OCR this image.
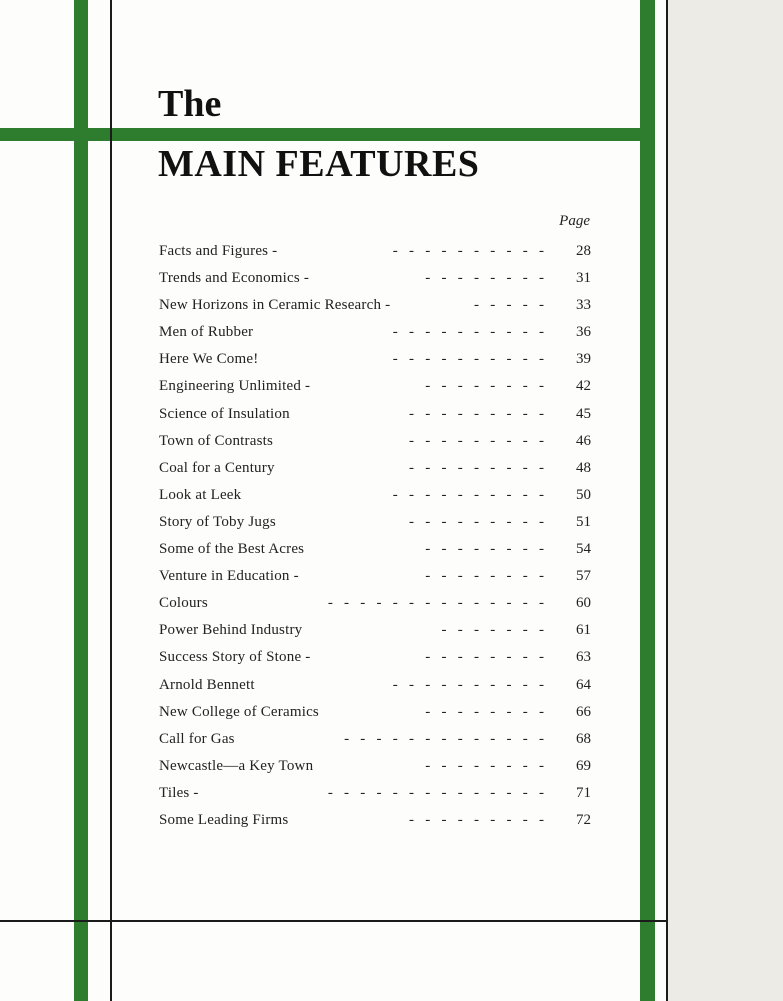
The
MAIN FEATURES
Page
Facts and Figures -	-   -   -   -   -   -   -   -   -   - 28
Trends and Economics -	-   -   -   -   -   -   -   - 31
New Horizons in Ceramic Research -	-   -   -   -   - 33
Men of Rubber	-   -   -   -   -   -   -   -   -   - 36
Here We Come!	-   -   -   -   -   -   -   -   -   - 39
Engineering Unlimited -	-   -   -   -   -   -   -   - 42
Science of Insulation	-   -   -   -   -   -   -   -   - 45
Town of Contrasts	-   -   -   -   -   -   -   -   - 46
Coal for a Century	-   -   -   -   -   -   -   -   - 48
Look at Leek	-   -   -   -   -   -   -   -   -   - 50
Story of Toby Jugs	-   -   -   -   -   -   -   -   - 51
Some of the Best Acres	-   -   -   -   -   -   -   - 54
Venture in Education -	-   -   -   -   -   -   -   - 57
Colours	-   -   -   -   -   -   -   -   -   -   -   -   -   - 60
Power Behind Industry	-   -   -   -   -   -   - 61
Success Story of Stone -	-   -   -   -   -   -   -   - 63
Arnold Bennett	-   -   -   -   -   -   -   -   -   - 64
New College of Ceramics	-   -   -   -   -   -   -   - 66
Call for Gas	-   -   -   -   -   -   -   -   -   -   -   -   - 68
Newcastle—a Key Town	-   -   -   -   -   -   -   - 69
Tiles -	-   -   -   -   -   -   -   -   -   -   -   -   -   - 71
Some Leading Firms	-   -   -   -   -   -   -   -   - 72
